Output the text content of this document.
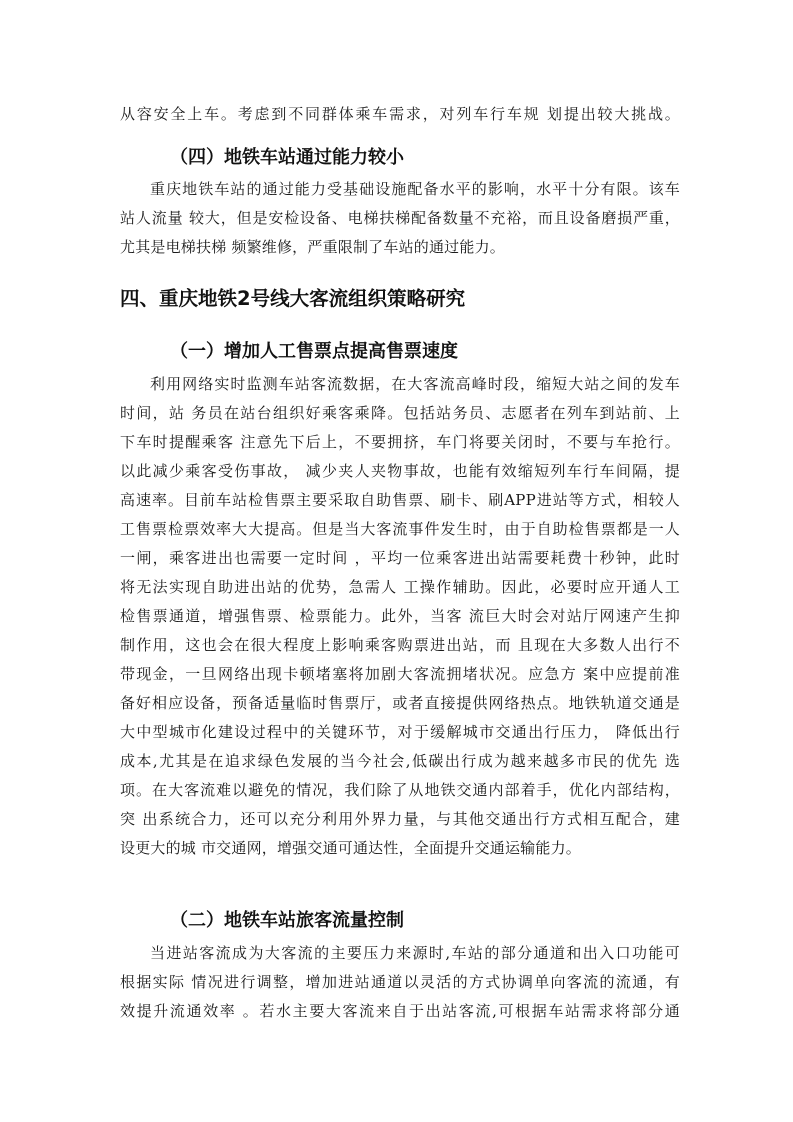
从容安全上车。考虑到不同群体乘车需求，对列车行车规 划提出较大挑战。
（四）地铁车站通过能力较小
重庆地铁车站的通过能力受基础设施配备水平的影响，水平十分有限。该车
站人流量 较大，但是安检设备、电梯扶梯配备数量不充裕，而且设备磨损严重，
尤其是电梯扶梯 频繁维修，严重限制了车站的通过能力。
四、重庆地铁2号线大客流组织策略研究
（一）增加人工售票点提高售票速度
利用网络实时监测车站客流数据，在大客流高峰时段，缩短大站之间的发车
时间，站 务员在站台组织好乘客乘降。包括站务员、志愿者在列车到站前、上
下车时提醒乘客 注意先下后上，不要拥挤，车门将要关闭时，不要与车抢行。
以此减少乘客受伤事故， 减少夹人夹物事故，也能有效缩短列车行车间隔，提
高速率。目前车站检售票主要采取自助售票、刷卡、刷APP进站等方式，相较人
工售票检票效率大大提高。但是当大客流事件发生时，由于自助检售票都是一人
一闸，乘客进出也需要一定时间 ，平均一位乘客进出站需要耗费十秒钟，此时
将无法实现自助进出站的优势，急需人 工操作辅助。因此，必要时应开通人工
检售票通道，增强售票、检票能力。此外，当客 流巨大时会对站厅网速产生抑
制作用，这也会在很大程度上影响乘客购票进出站，而 且现在大多数人出行不
带现金，一旦网络出现卡顿堵塞将加剧大客流拥堵状况。应急方 案中应提前准
备好相应设备，预备适量临时售票厅，或者直接提供网络热点。地铁轨道交通是
大中型城市化建设过程中的关键环节，对于缓解城市交通出行压力， 降低出行
成本,尤其是在追求绿色发展的当今社会,低碳出行成为越来越多市民的优先 选
项。在大客流难以避免的情况，我们除了从地铁交通内部着手，优化内部结构，
突 出系统合力，还可以充分利用外界力量，与其他交通出行方式相互配合，建
设更大的城 市交通网，增强交通可通达性，全面提升交通运输能力。
（二）地铁车站旅客流量控制
当进站客流成为大客流的主要压力来源时,车站的部分通道和出入口功能可
根据实际 情况进行调整，增加进站通道以灵活的方式协调单向客流的流通，有
效提升流通效率 。若水主要大客流来自于出站客流,可根据车站需求将部分通
